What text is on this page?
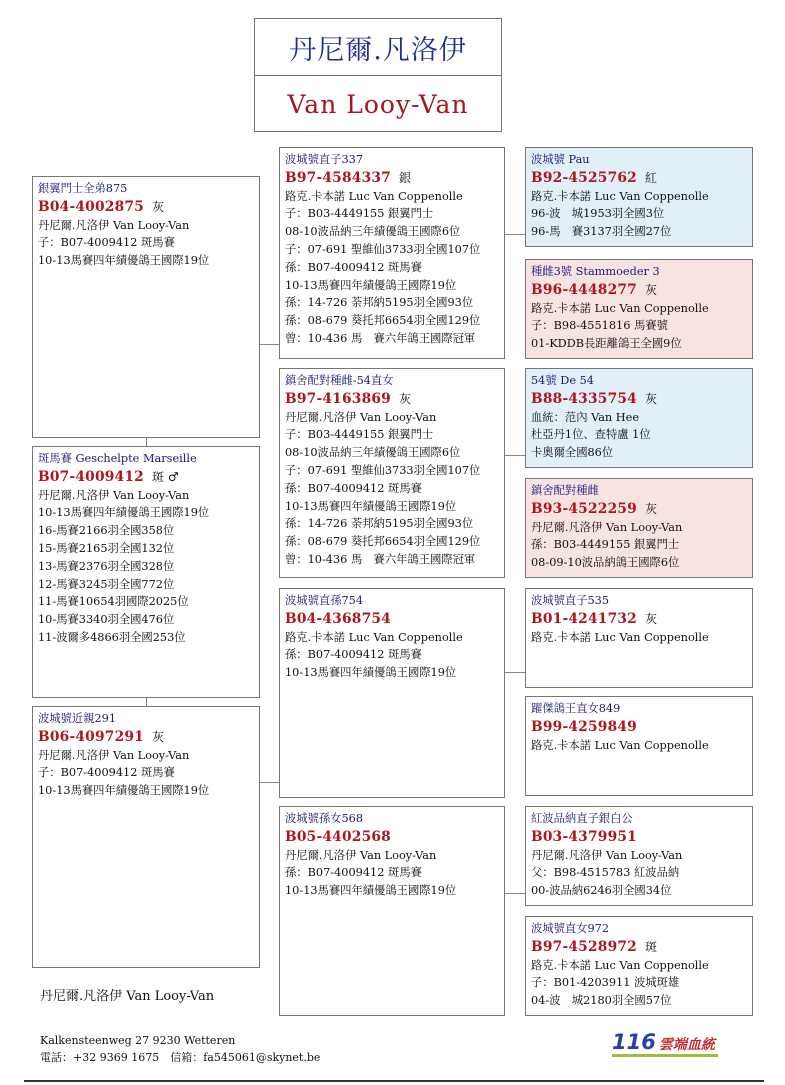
丹尼爾.凡洛伊
Van Looy-Van
銀翼門士全弟875
B04-4002875 灰
丹尼爾.凡洛伊 Van Looy-Van
子：B07-4009412 斑馬賽
10-13馬賽四年績優鴿王國際19位
斑馬賽 Geschelpte Marseille
B07-4009412 斑 ♂
丹尼爾.凡洛伊 Van Looy-Van
10-13馬賽四年績優鴿王國際19位
16-馬賽2166羽全國358位
15-馬賽2165羽全國132位
13-馬賽2376羽全國328位
12-馬賽3245羽全國772位
11-馬賽10654羽國際2025位
10-馬賽3340羽全國476位
11-波爾多4866羽全國253位
波城號近親291
B06-4097291 灰
丹尼爾.凡洛伊 Van Looy-Van
子：B07-4009412 斑馬賽
10-13馬賽四年績優鴿王國際19位
波城號直子337
B97-4584337 銀
路克.卡本諾 Luc Van Coppenolle
子：B03-4449155 銀翼門士
08-10波品納三年績優鴿王國際6位
子：07-691 聖維仙3733羽全國107位
孫：B07-4009412 斑馬賽
10-13馬賽四年績優鴿王國際19位
孫：14-726 荼邦納5195羽全國93位
孫：08-679 葵托邦6654羽全國129位
曾：10-436 馬　賽六年鴿王國際冠軍
鎮舍配對種雌-54直女
B97-4163869 灰
丹尼爾.凡洛伊 Van Looy-Van
子：B03-4449155 銀翼門士
08-10波品納三年績優鴿王國際6位
子：07-691 聖維仙3733羽全國107位
孫：B07-4009412 斑馬賽
10-13馬賽四年績優鴿王國際19位
孫：14-726 荼邦納5195羽全國93位
孫：08-679 葵托邦6654羽全國129位
曾：10-436 馬　賽六年鴿王國際冠軍
波城號直孫754
B04-4368754
路克.卡本諾 Luc Van Coppenolle
孫：B07-4009412 斑馬賽
10-13馬賽四年績優鴿王國際19位
波城號孫女568
B05-4402568
丹尼爾.凡洛伊 Van Looy-Van
孫：B07-4009412 斑馬賽
10-13馬賽四年績優鴿王國際19位
波城號 Pau
B92-4525762 紅
路克.卡本諾 Luc Van Coppenolle
96-波　城1953羽全國3位
96-馬　賽3137羽全國27位
種雌3號 Stammoeder 3
B96-4448277 灰
路克.卡本諾 Luc Van Coppenolle
子：B98-4551816 馬賽號
01-KDDB長距離鴿王全國9位
54號 De 54
B88-4335754 灰
血統：范內 Van Hee
杜亞丹1位、查特盧 1位
卡奧爾全國86位
鎮舍配對種雌
B93-4522259 灰
丹尼爾.凡洛伊 Van Looy-Van
孫：B03-4449155 銀翼門士
08-09-10波品納鴿王國際6位
波城號直子535
B01-4241732 灰
路克.卡本諾 Luc Van Coppenolle
躍傑鴿王直女849
B99-4259849
路克.卡本諾 Luc Van Coppenolle
紅波品納直子銀白公
B03-4379951
丹尼爾.凡洛伊 Van Looy-Van
父：B98-4515783 紅波品納
00-波品納6246羽全國34位
波城號直女972
B97-4528972 斑
路克.卡本諾 Luc Van Coppenolle
子：B01-4203911 波城斑雄
04-波　城2180羽全國57位
丹尼爾.凡洛伊 Van Looy-Van
Kalkensteenweg 27 9230 Wetteren
電話：+32 9369 1675　信箱：fa545061@skynet.be
116 雲端血統
